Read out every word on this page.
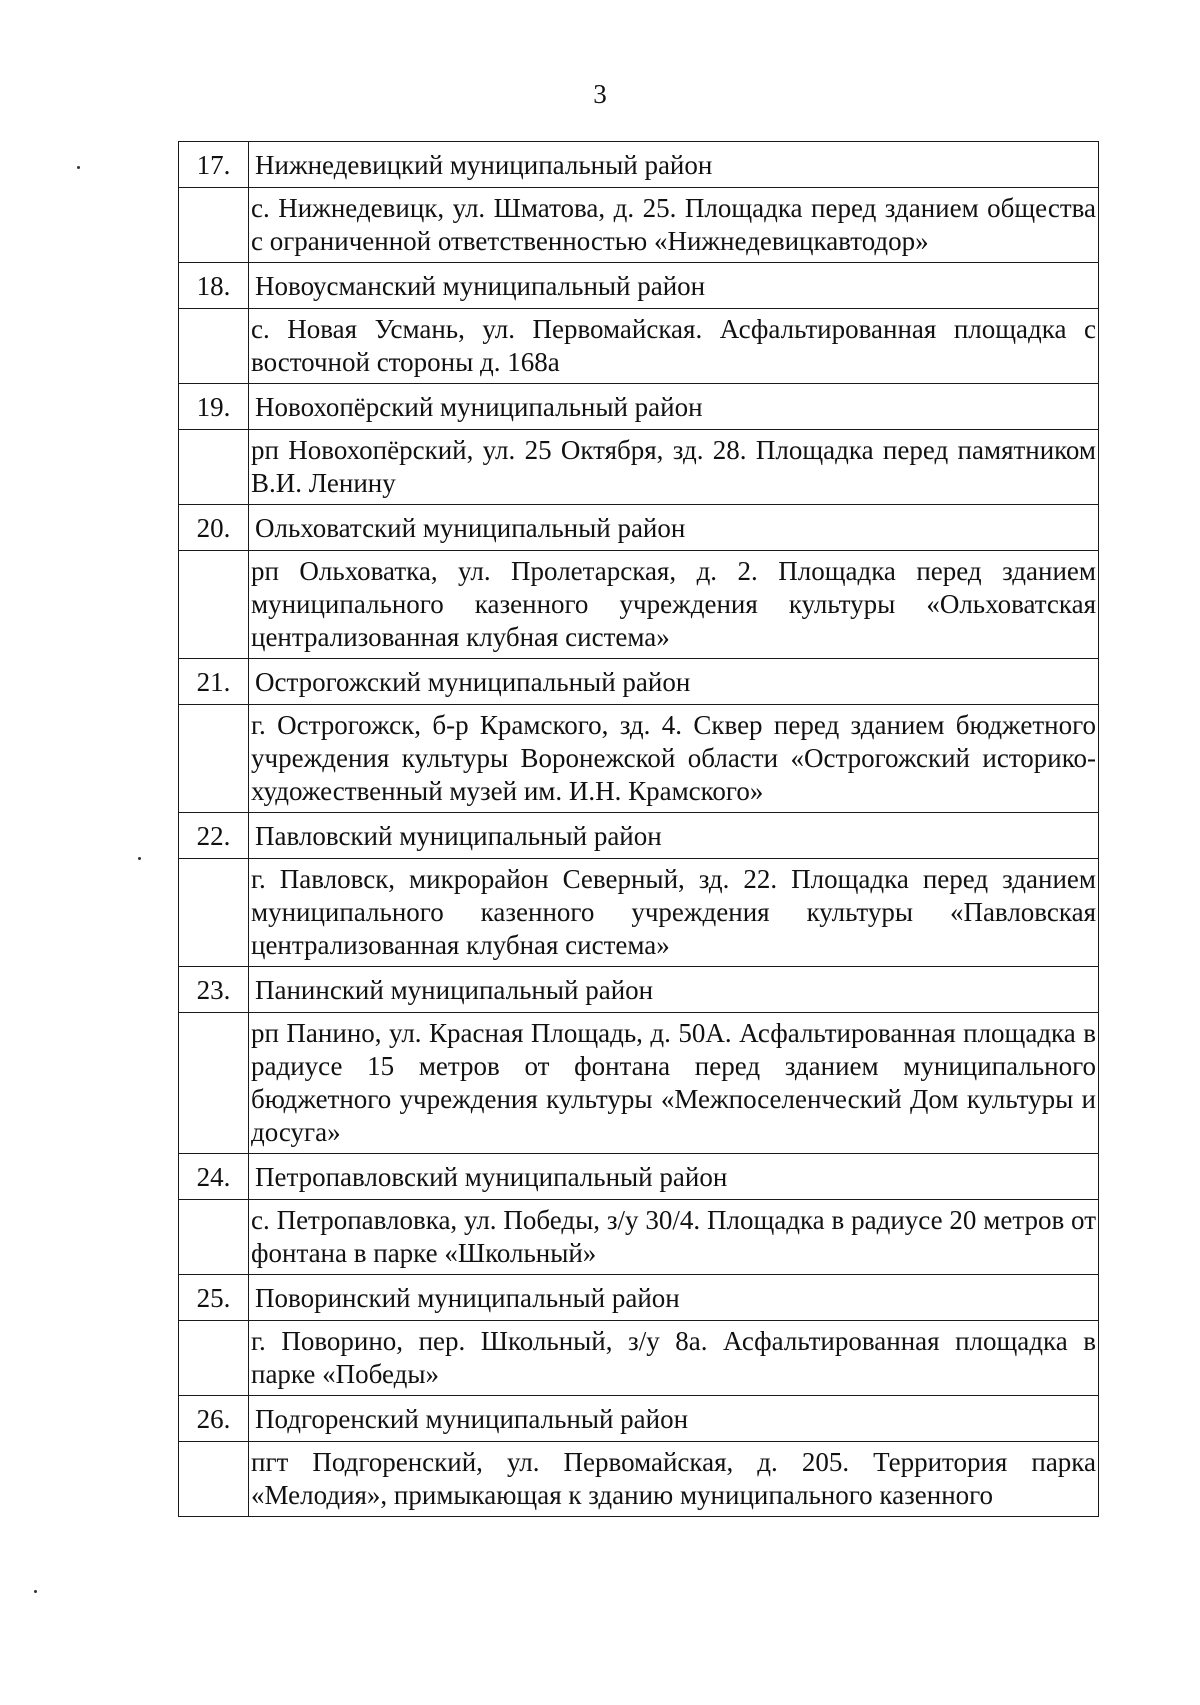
3
17.	Нижнедевицкий муниципальный район
	с. Нижнедевицк, ул. Шматова, д. 25. Площадка перед зданием общества с ограниченной ответственностью «Нижнедевицкавтодор»
18.	Новоусманский муниципальный район
	с. Новая Усмань, ул. Первомайская. Асфальтированная площадка с восточной стороны д. 168а
19.	Новохопёрский муниципальный район
	рп Новохопёрский, ул. 25 Октября, зд. 28. Площадка перед памятником В.И. Ленину
20.	Ольховатский муниципальный район
	рп Ольховатка, ул. Пролетарская, д. 2. Площадка перед зданием муниципального казенного учреждения культуры «Ольховатская централизованная клубная система»
21.	Острогожский муниципальный район
	г. Острогожск, б-р Крамского, зд. 4. Сквер перед зданием бюджетного учреждения культуры Воронежской области «Острогожский историко-художественный музей им. И.Н. Крамского»
22.	Павловский муниципальный район
	г. Павловск, микрорайон Северный, зд. 22. Площадка перед зданием муниципального казенного учреждения культуры «Павловская централизованная клубная система»
23.	Панинский муниципальный район
	рп Панино, ул. Красная Площадь, д. 50А. Асфальтированная площадка в радиусе 15 метров от фонтана перед зданием муниципального бюджетного учреждения культуры «Межпоселенческий Дом культуры и досуга»
24.	Петропавловский муниципальный район
	с. Петропавловка, ул. Победы, з/у 30/4. Площадка в радиусе 20 метров от фонтана в парке «Школьный»
25.	Поворинский муниципальный район
	г. Поворино, пер. Школьный, з/у 8а. Асфальтированная площадка в парке «Победы»
26.	Подгоренский муниципальный район
	пгт Подгоренский, ул. Первомайская, д. 205. Территория парка «Мелодия», примыкающая к зданию муниципального казенного
